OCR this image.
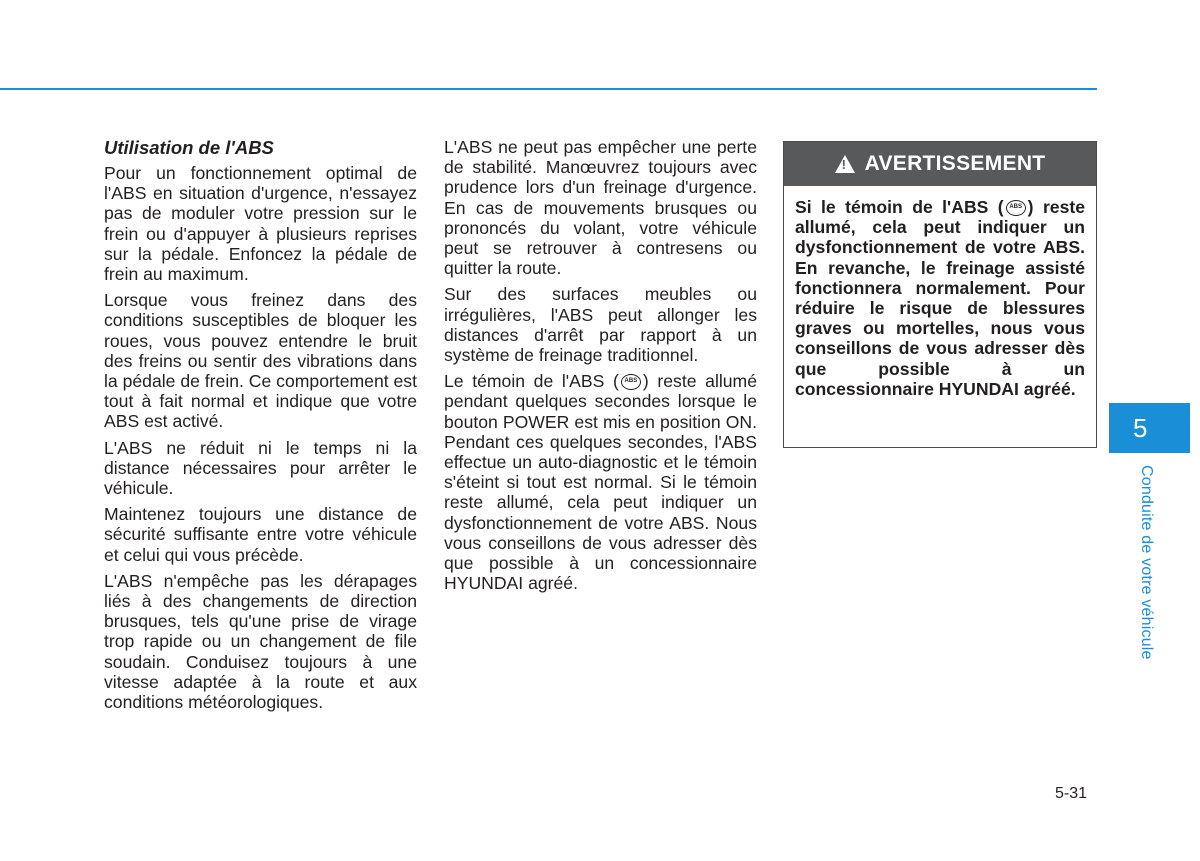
Utilisation de l'ABS

Pour un fonctionnement optimal de l'ABS en situation d'urgence, n'essayez pas de moduler votre pression sur le frein ou d'appuyer à plusieurs reprises sur la pédale. Enfoncez la pédale de frein au maximum.

Lorsque vous freinez dans des conditions susceptibles de bloquer les roues, vous pouvez entendre le bruit des freins ou sentir des vibrations dans la pédale de frein. Ce comportement est tout à fait normal et indique que votre ABS est activé.

L'ABS ne réduit ni le temps ni la distance nécessaires pour arrêter le véhicule.

Maintenez toujours une distance de sécurité suffisante entre votre véhicule et celui qui vous précède.

L'ABS n'empêche pas les dérapages liés à des changements de direction brusques, tels qu'une prise de virage trop rapide ou un changement de file soudain. Conduisez toujours à une vitesse adaptée à la route et aux conditions météorologiques.

L'ABS ne peut pas empêcher une perte de stabilité. Manœuvrez toujours avec prudence lors d'un freinage d'urgence. En cas de mouvements brusques ou prononcés du volant, votre véhicule peut se retrouver à contresens ou quitter la route.

Sur des surfaces meubles ou irrégulières, l'ABS peut allonger les distances d'arrêt par rapport à un système de freinage traditionnel.

Le témoin de l'ABS ( ABS ) reste allumé pendant quelques secondes lorsque le bouton POWER est mis en position ON. Pendant ces quelques secondes, l'ABS effectue un auto-diagnostic et le témoin s'éteint si tout est normal. Si le témoin reste allumé, cela peut indiquer un dysfonctionnement de votre ABS. Nous vous conseillons de vous adresser dès que possible à un concessionnaire HYUNDAI agréé.

!
AVERTISSEMENT

Si le témoin de l'ABS ( ABS ) reste allumé, cela peut indiquer un dysfonctionnement de votre ABS. En revanche, le freinage assisté fonctionnera normalement. Pour réduire le risque de blessures graves ou mortelles, nous vous conseillons de vous adresser dès que possible à un concessionnaire HYUNDAI agréé.

5
Conduite de votre véhicule
5-31
